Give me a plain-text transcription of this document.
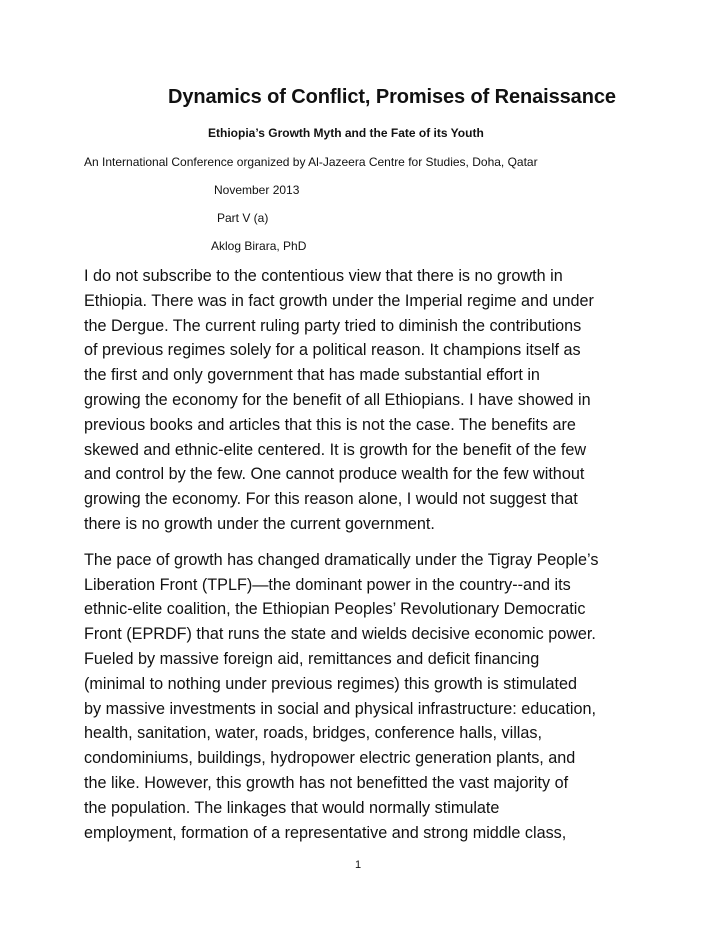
Dynamics of Conflict, Promises of Renaissance
Ethiopia’s Growth Myth and the Fate of its Youth
An International Conference organized by Al-Jazeera Centre for Studies, Doha, Qatar
November 2013
Part V (a)
Aklog Birara, PhD
I do not subscribe to the contentious view that there is no growth in
Ethiopia. There was in fact growth under the Imperial regime and under
the Dergue. The current ruling party tried to diminish the contributions
of previous regimes solely for a political reason. It champions itself as
the first and only government that has made substantial effort in
growing the economy for the benefit of all Ethiopians. I have showed in
previous books and articles that this is not the case. The benefits are
skewed and ethnic-elite centered. It is growth for the benefit of the few
and control by the few. One cannot produce wealth for the few without
growing the economy. For this reason alone, I would not suggest that
there is no growth under the current government.
The pace of growth has changed dramatically under the Tigray People’s
Liberation Front (TPLF)—the dominant power in the country--and its
ethnic-elite coalition, the Ethiopian Peoples’ Revolutionary Democratic
Front (EPRDF) that runs the state and wields decisive economic power.
Fueled by massive foreign aid, remittances and deficit financing
(minimal to nothing under previous regimes) this growth is stimulated
by massive investments in social and physical infrastructure: education,
health, sanitation, water, roads, bridges, conference halls, villas,
condominiums, buildings, hydropower electric generation plants, and
the like. However, this growth has not benefitted the vast majority of
the population. The linkages that would normally stimulate
employment, formation of a representative and strong middle class,
1
